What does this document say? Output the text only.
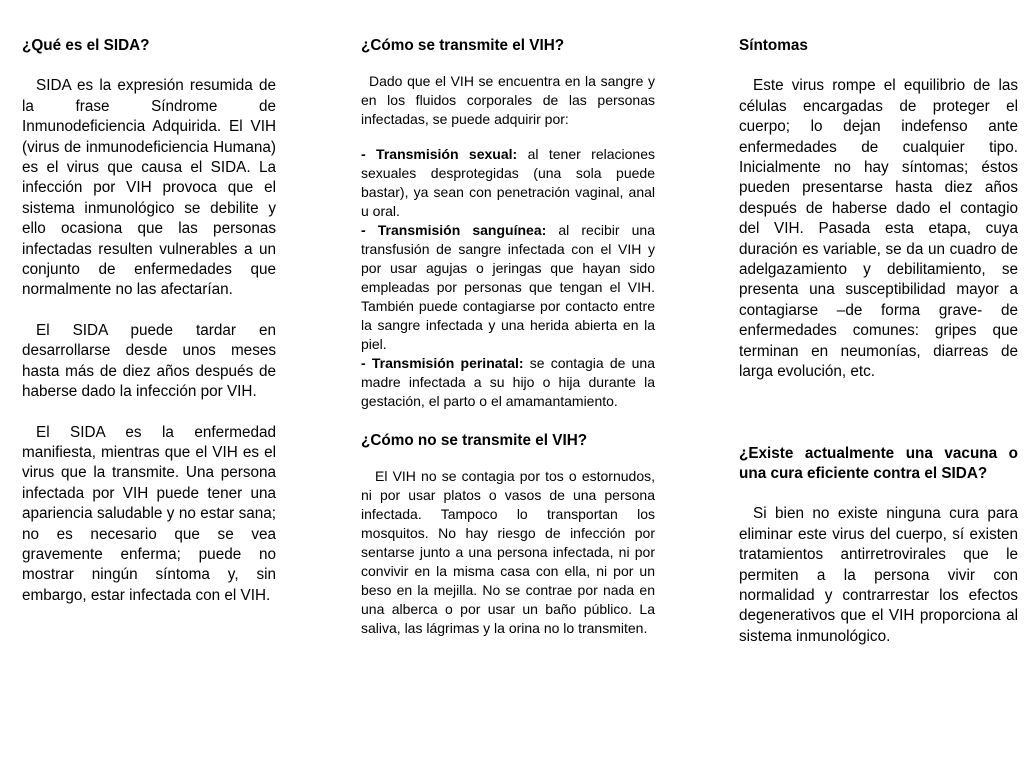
¿Qué es el SIDA?

SIDA es la expresión resumida de la frase Síndrome de Inmunodeficiencia Adquirida. El VIH (virus de inmunodeficiencia Humana) es el virus que causa el SIDA. La infección por VIH provoca que el sistema inmunológico se debilite y ello ocasiona que las personas infectadas resulten vulnerables a un conjunto de enfermedades que normalmente no las afectarían.

El SIDA puede tardar en desarrollarse desde unos meses hasta más de diez años después de haberse dado la infección por VIH.

El SIDA es la enfermedad manifiesta, mientras que el VIH es el virus que la transmite. Una persona infectada por VIH puede tener una apariencia saludable y no estar sana; no es necesario que se vea gravemente enferma; puede no mostrar ningún síntoma y, sin embargo, estar infectada con el VIH.

¿Cómo se transmite el VIH?

Dado que el VIH se encuentra en la sangre y en los fluidos corporales de las personas infectadas, se puede adquirir por:

- Transmisión sexual: al tener relaciones sexuales desprotegidas (una sola puede bastar), ya sean con penetración vaginal, anal u oral.

- Transmisión sanguínea: al recibir una transfusión de sangre infectada con el VIH y por usar agujas o jeringas que hayan sido empleadas por personas que tengan el VIH. También puede contagiarse por contacto entre la sangre infectada y una herida abierta en la piel.

- Transmisión perinatal: se contagia de una madre infectada a su hijo o hija durante la gestación, el parto o el amamantamiento.

¿Cómo no se transmite el VIH?

El VIH no se contagia por tos o estornudos, ni por usar platos o vasos de una persona infectada. Tampoco lo transportan los mosquitos. No hay riesgo de infección por sentarse junto a una persona infectada, ni por convivir en la misma casa con ella, ni por un beso en la mejilla. No se contrae por nada en una alberca o por usar un baño público. La saliva, las lágrimas y la orina no lo transmiten.

Síntomas

Este virus rompe el equilibrio de las células encargadas de proteger el cuerpo; lo dejan indefenso ante enfermedades de cualquier tipo. Inicialmente no hay síntomas; éstos pueden presentarse hasta diez años después de haberse dado el contagio del VIH. Pasada esta etapa, cuya duración es variable, se da un cuadro de adelgazamiento y debilitamiento, se presenta una susceptibilidad mayor a contagiarse –de forma grave- de enfermedades comunes: gripes que terminan en neumonías, diarreas de larga evolución, etc.

¿Existe actualmente una vacuna o una cura eficiente contra el SIDA?

Si bien no existe ninguna cura para eliminar este virus del cuerpo, sí existen tratamientos antirretrovirales que le permiten a la persona vivir con normalidad y contrarrestar los efectos degenerativos que el VIH proporciona al sistema inmunológico.
